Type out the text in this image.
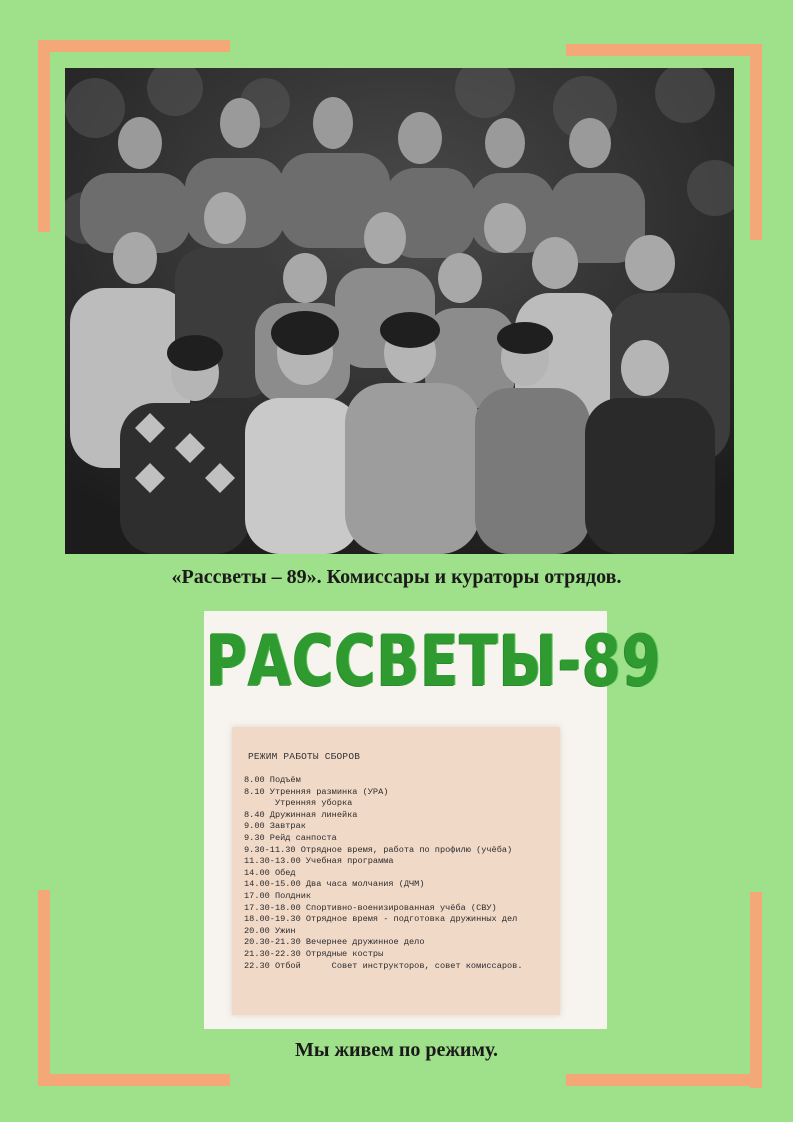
«Рассветы – 89». Комиссары и кураторы отрядов.
РАССВЕТЫ-89
РЕЖИМ РАБОТЫ СБОРОВ
8.00 Подъём
8.10 Утренняя разминка (УРА)
Утренняя уборка
8.40 Дружинная линейка
9.00 Завтрак
9.30 Рейд санпоста
9.30-11.30 Отрядное время, работа по профилю (учёба)
11.30-13.00 Учебная программа
14.00 Обед
14.00-15.00 Два часа молчания (ДЧМ)
17.00 Полдник
17.30-18.00 Спортивно-военизированная учёба (СВУ)
18.00-19.30 Отрядное время - подготовка дружинных дел
20.00 Ужин
20.30-21.30 Вечернее дружинное дело
21.30-22.30 Отрядные костры
22.30 Отбой      Совет инструкторов, совет комиссаров.
Мы живем по режиму.
